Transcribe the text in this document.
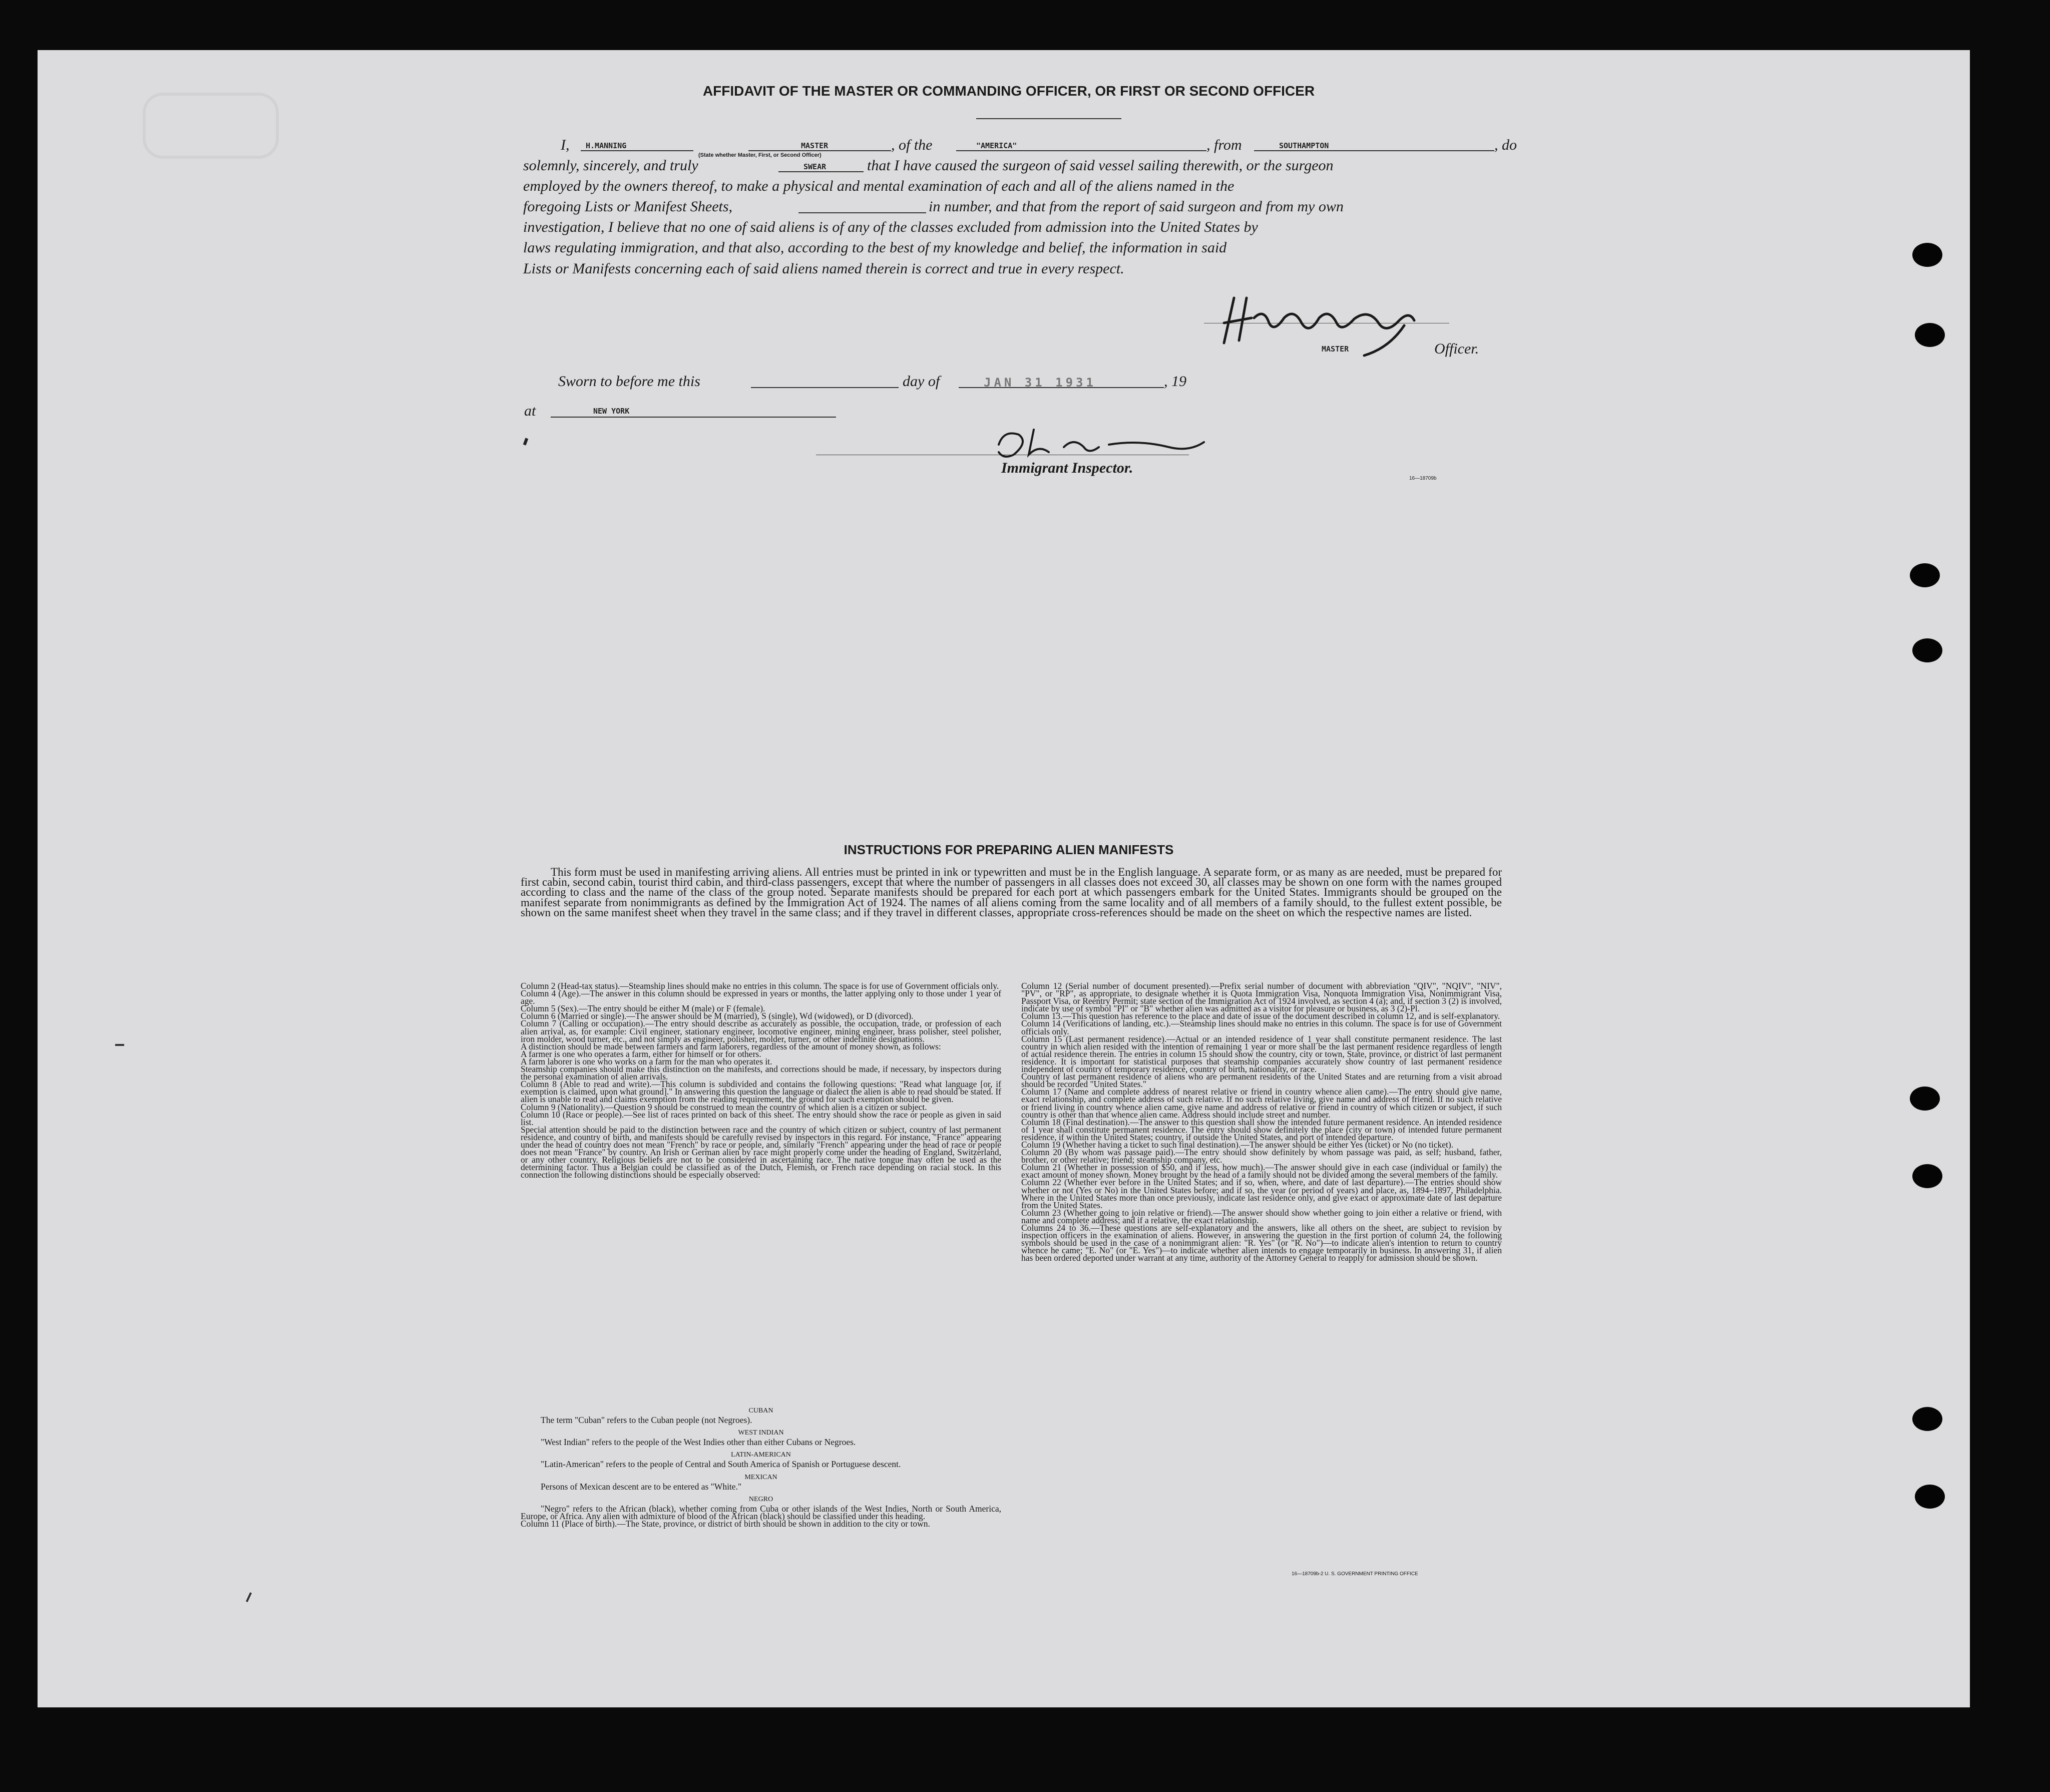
AFFIDAVIT OF THE MASTER OR COMMANDING OFFICER, OR FIRST OR SECOND OFFICER
I, H.MANNING	MASTER
(State whether Master, First, or Second Officer)
, of the	"AMERICA"	, from	SOUTHAMPTON	, do
solemnly, sincerely, and truly	SWEAR	that I have caused the surgeon of said vessel sailing therewith, or the surgeon
employed by the owners thereof, to make a physical and mental examination of each and all of the aliens named in the
foregoing Lists or Manifest Sheets,	in number, and that from the report of said surgeon and from my own
investigation, I believe that no one of said aliens is of any of the classes excluded from admission into the United States by
laws regulating immigration, and that also, according to the best of my knowledge and belief, the information in said
Lists or Manifests concerning each of said aliens named therein is correct and true in every respect.
MASTER	Officer.
Sworn to before me this	day of	JAN 31 1931	, 19
at	NEW YORK
Immigrant Inspector.
16—18709b
INSTRUCTIONS FOR PREPARING ALIEN MANIFESTS
This form must be used in manifesting arriving aliens. All entries must be printed in ink or typewritten and must be in the English language. A separate form, or as many as are needed, must be prepared for first cabin, second cabin, tourist third cabin, and third-class passengers, except that where the number of passengers in all classes does not exceed 30, all classes may be shown on one form with the names grouped according to class and the name of the class of the group noted. Separate manifests should be prepared for each port at which passengers embark for the United States. Immigrants should be grouped on the manifest separate from nonimmigrants as defined by the Immigration Act of 1924. The names of all aliens coming from the same locality and of all members of a family should, to the fullest extent possible, be shown on the same manifest sheet when they travel in the same class; and if they travel in different classes, appropriate cross-references should be made on the sheet on which the respective names are listed.
Column 2 (Head-tax status).—Steamship lines should make no entries in this column. The space is for use of Government officials only.
Column 4 (Age).—The answer in this column should be expressed in years or months, the latter applying only to those under 1 year of age.
Column 5 (Sex).—The entry should be either M (male) or F (female).
Column 6 (Married or single).—The answer should be M (married), S (single), Wd (widowed), or D (divorced).
Column 7 (Calling or occupation).—The entry should describe as accurately as possible, the occupation, trade, or profession of each alien arrival, as, for example: Civil engineer, stationary engineer, locomotive engineer, mining engineer, brass polisher, steel polisher, iron molder, wood turner, etc., and not simply as engineer, polisher, molder, turner, or other indefinite designations.
A distinction should be made between farmers and farm laborers, regardless of the amount of money shown, as follows:
A farmer is one who operates a farm, either for himself or for others.
A farm laborer is one who works on a farm for the man who operates it.
Steamship companies should make this distinction on the manifests, and corrections should be made, if necessary, by inspectors during the personal examination of alien arrivals.
Column 8 (Able to read and write).—This column is subdivided and contains the following questions: "Read what language [or, if exemption is claimed, upon what ground]." In answering this question the language or dialect the alien is able to read should be stated. If alien is unable to read and claims exemption from the reading requirement, the ground for such exemption should be given.
Column 9 (Nationality).—Question 9 should be construed to mean the country of which alien is a citizen or subject.
Column 10 (Race or people).—See list of races printed on back of this sheet. The entry should show the race or people as given in said list.
Special attention should be paid to the distinction between race and the country of which citizen or subject, country of last permanent residence, and country of birth, and manifests should be carefully revised by inspectors in this regard. For instance, "France" appearing under the head of country does not mean "French" by race or people, and, similarly "French" appearing under the head of race or people does not mean "France" by country. An Irish or German alien by race might properly come under the heading of England, Switzerland, or any other country. Religious beliefs are not to be considered in ascertaining race. The native tongue may often be used as the determining factor. Thus a Belgian could be classified as of the Dutch, Flemish, or French race depending on racial stock. In this connection the following distinctions should be especially observed:
CUBAN
The term "Cuban" refers to the Cuban people (not Negroes).
WEST INDIAN
"West Indian" refers to the people of the West Indies other than either Cubans or Negroes.
LATIN-AMERICAN
"Latin-American" refers to the people of Central and South America of Spanish or Portuguese descent.
MEXICAN
Persons of Mexican descent are to be entered as "White."
NEGRO
"Negro" refers to the African (black), whether coming from Cuba or other islands of the West Indies, North or South America, Europe, or Africa. Any alien with admixture of blood of the African (black) should be classified under this heading.
Column 11 (Place of birth).—The State, province, or district of birth should be shown in addition to the city or town.
Column 12 (Serial number of document presented).—Prefix serial number of document with abbreviation "QIV", "NQIV", "NIV", "PV", or "RP", as appropriate, to designate whether it is Quota Immigration Visa, Nonquota Immigration Visa, Nonimmigrant Visa, Passport Visa, or Reentry Permit; state section of the Immigration Act of 1924 involved, as section 4 (a); and, if section 3 (2) is involved, indicate by use of symbol "PI" or "B" whether alien was admitted as a visitor for pleasure or business, as 3 (2)-Pl.
Column 13.—This question has reference to the place and date of issue of the document described in column 12, and is self-explanatory.
Column 14 (Verifications of landing, etc.).—Steamship lines should make no entries in this column. The space is for use of Government officials only.
Column 15 (Last permanent residence).—Actual or an intended residence of 1 year shall constitute permanent residence. The last country in which alien resided with the intention of remaining 1 year or more shall be the last permanent residence regardless of length of actual residence therein. The entries in column 15 should show the country, city or town, State, province, or district of last permanent residence. It is important for statistical purposes that steamship companies accurately show country of last permanent residence independent of country of temporary residence, country of birth, nationality, or race.
Country of last permanent residence of aliens who are permanent residents of the United States and are returning from a visit abroad should be recorded "United States."
Column 17 (Name and complete address of nearest relative or friend in country whence alien came).—The entry should give name, exact relationship, and complete address of such relative. If no such relative living, give name and address of friend. If no such relative or friend living in country whence alien came, give name and address of relative or friend in country of which citizen or subject, if such country is other than that whence alien came. Address should include street and number.
Column 18 (Final destination).—The answer to this question shall show the intended future permanent residence. An intended residence of 1 year shall constitute permanent residence. The entry should show definitely the place (city or town) of intended future permanent residence, if within the United States; country, if outside the United States, and port of intended departure.
Column 19 (Whether having a ticket to such final destination).—The answer should be either Yes (ticket) or No (no ticket).
Column 20 (By whom was passage paid).—The entry should show definitely by whom passage was paid, as self; husband, father, brother, or other relative; friend; steamship company, etc.
Column 21 (Whether in possession of $50, and if less, how much).—The answer should give in each case (individual or family) the exact amount of money shown. Money brought by the head of a family should not be divided among the several members of the family.
Column 22 (Whether ever before in the United States; and if so, when, where, and date of last departure).—The entries should show whether or not (Yes or No) in the United States before; and if so, the year (or period of years) and place, as, 1894–1897, Philadelphia. Where in the United States more than once previously, indicate last residence only, and give exact or approximate date of last departure from the United States.
Column 23 (Whether going to join relative or friend).—The answer should show whether going to join either a relative or friend, with name and complete address; and if a relative, the exact relationship.
Columns 24 to 36.—These questions are self-explanatory and the answers, like all others on the sheet, are subject to revision by inspection officers in the examination of aliens. However, in answering the question in the first portion of column 24, the following symbols should be used in the case of a nonimmigrant alien: "R. Yes" (or "R. No")—to indicate alien's intention to return to country whence he came; "E. No" (or "E. Yes")—to indicate whether alien intends to engage temporarily in business. In answering 31, if alien has been ordered deported under warrant at any time, authority of the Attorney General to reapply for admission should be shown.
16—18709b-2 U. S. GOVERNMENT PRINTING OFFICE
